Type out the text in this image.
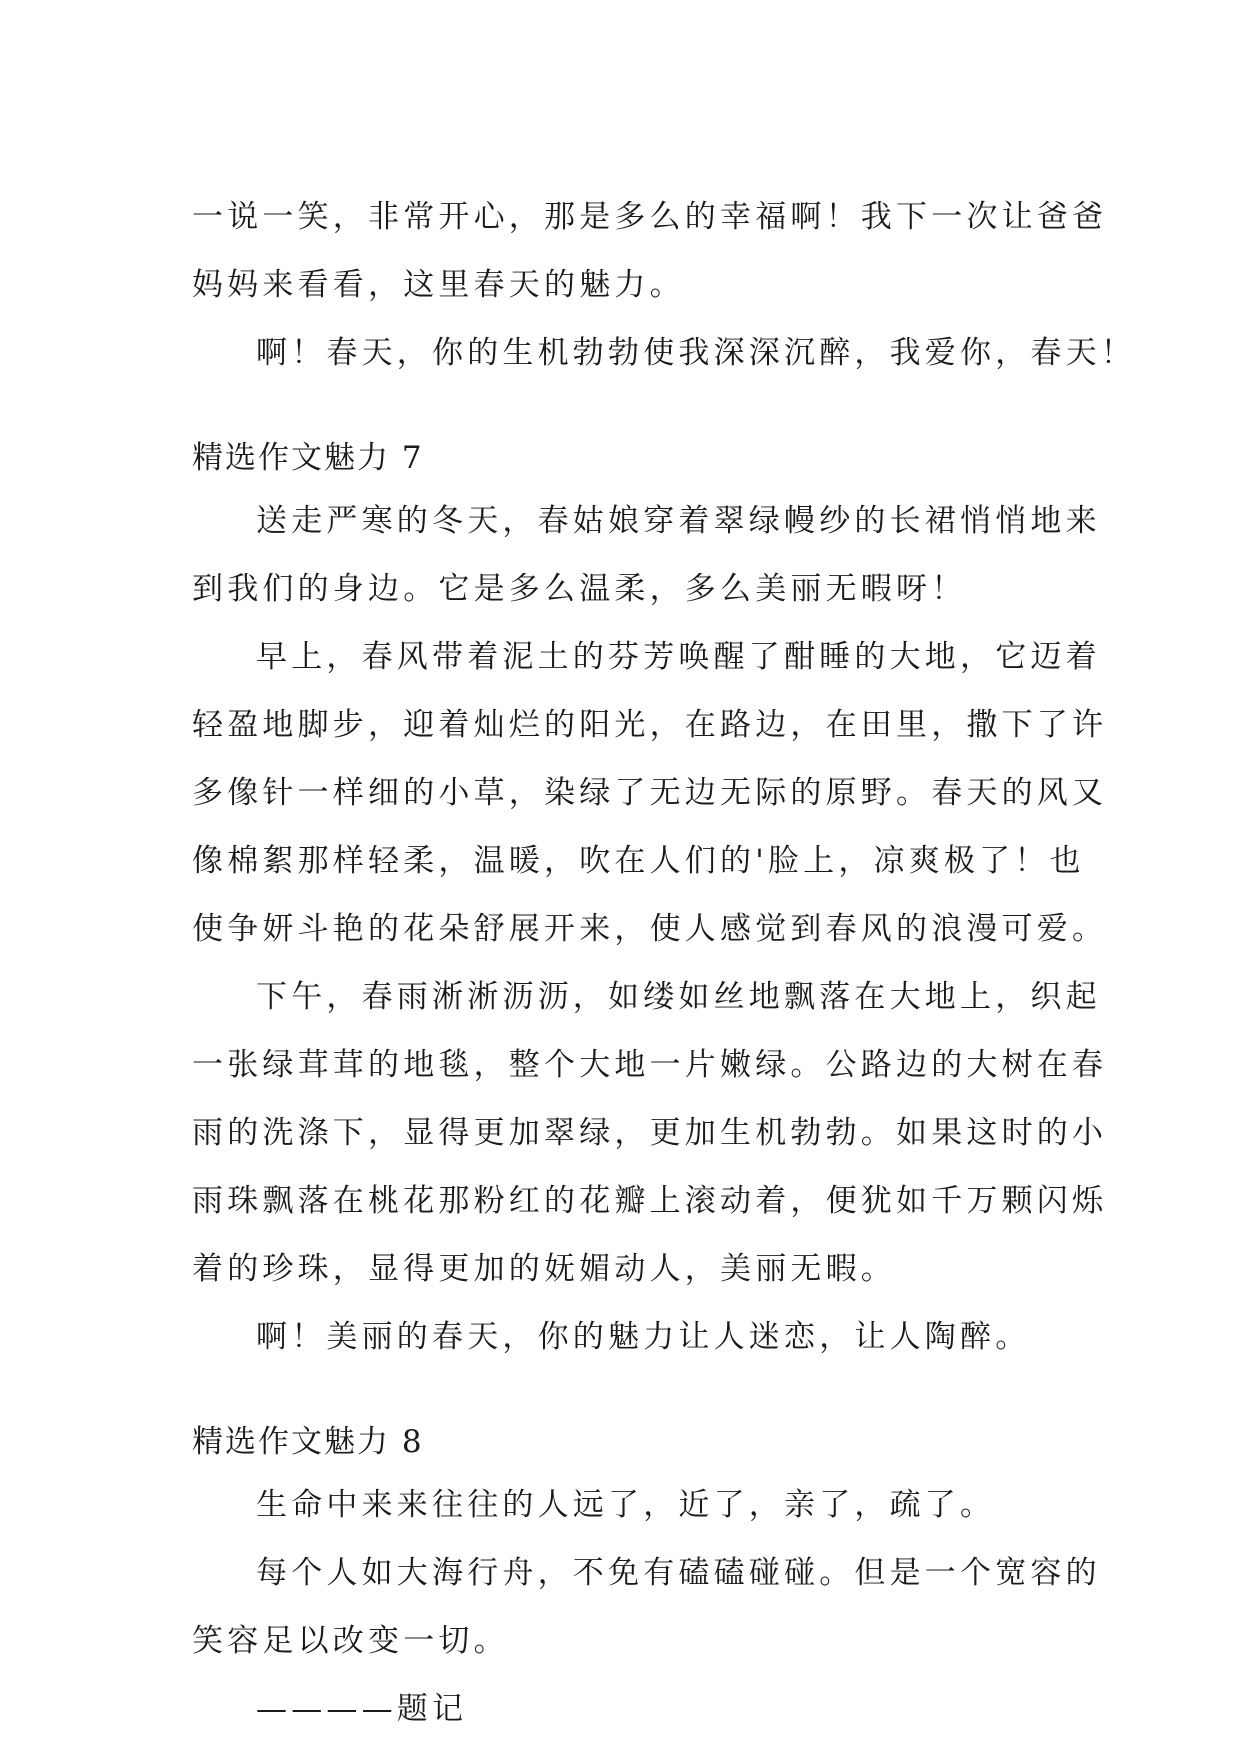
一说一笑，非常开心，那是多么的幸福啊！我下一次让爸爸

妈妈来看看，这里春天的魅力。

啊！春天，你的生机勃勃使我深深沉醉，我爱你，春天！

精选作文魅力 7

送走严寒的冬天，春姑娘穿着翠绿幔纱的长裙悄悄地来

到我们的身边。它是多么温柔，多么美丽无暇呀！

早上，春风带着泥土的芬芳唤醒了酣睡的大地，它迈着

轻盈地脚步，迎着灿烂的阳光，在路边，在田里，撒下了许

多像针一样细的小草，染绿了无边无际的原野。春天的风又

像棉絮那样轻柔，温暖，吹在人们的'脸上，凉爽极了！也

使争妍斗艳的花朵舒展开来，使人感觉到春风的浪漫可爱。

下午，春雨淅淅沥沥，如缕如丝地飘落在大地上，织起

一张绿茸茸的地毯，整个大地一片嫩绿。公路边的大树在春

雨的洗涤下，显得更加翠绿，更加生机勃勃。如果这时的小

雨珠飘落在桃花那粉红的花瓣上滚动着，便犹如千万颗闪烁

着的珍珠，显得更加的妩媚动人，美丽无暇。

啊！美丽的春天，你的魅力让人迷恋，让人陶醉。

精选作文魅力 8

生命中来来往往的人远了，近了，亲了，疏了。

每个人如大海行舟，不免有磕磕碰碰。但是一个宽容的

笑容足以改变一切。

————题记
